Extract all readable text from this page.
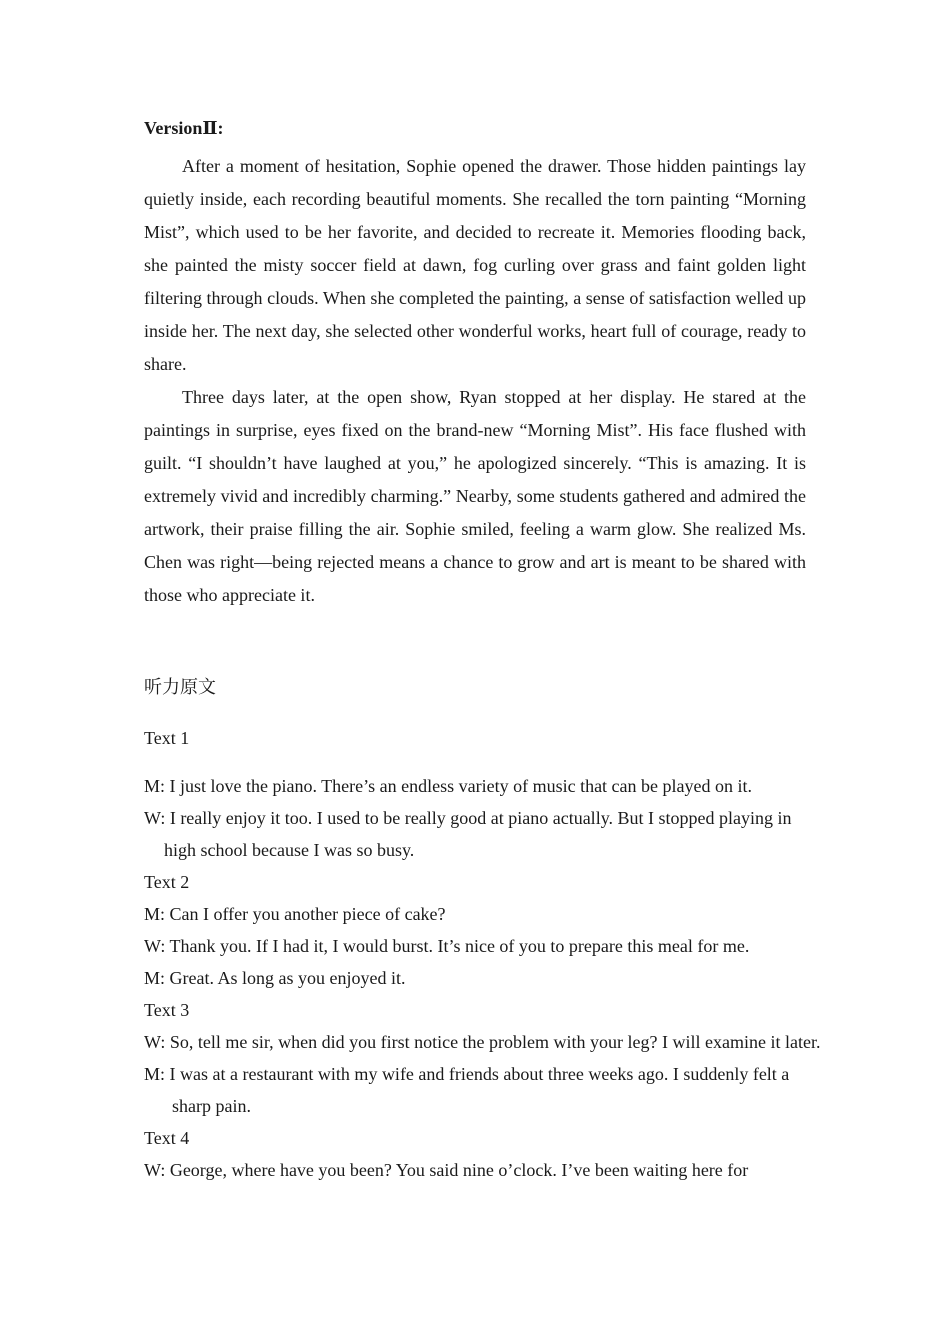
VersionⅡ:

After a moment of hesitation, Sophie opened the drawer. Those hidden paintings lay quietly inside, each recording beautiful moments. She recalled the torn painting “Morning Mist”, which used to be her favorite, and decided to recreate it. Memories flooding back, she painted the misty soccer field at dawn, fog curling over grass and faint golden light filtering through clouds. When she completed the painting, a sense of satisfaction welled up inside her. The next day, she selected other wonderful works, heart full of courage, ready to share.

Three days later, at the open show, Ryan stopped at her display. He stared at the paintings in surprise, eyes fixed on the brand-new “Morning Mist”. His face flushed with guilt. “I shouldn’t have laughed at you,” he apologized sincerely. “This is amazing. It is extremely vivid and incredibly charming.” Nearby, some students gathered and admired the artwork, their praise filling the air. Sophie smiled, feeling a warm glow. She realized Ms. Chen was right—being rejected means a chance to grow and art is meant to be shared with those who appreciate it.

听力原文

Text 1

M: I just love the piano. There’s an endless variety of music that can be played on it.

W: I really enjoy it too. I used to be really good at piano actually. But I stopped playing in high school because I was so busy.

Text 2

M: Can I offer you another piece of cake?

W: Thank you. If I had it, I would burst. It’s nice of you to prepare this meal for me.

M: Great. As long as you enjoyed it.

Text 3

W: So, tell me sir, when did you first notice the problem with your leg? I will examine it later.

M: I was at a restaurant with my wife and friends about three weeks ago. I suddenly felt a sharp pain.

Text 4

W: George, where have you been? You said nine o’clock. I’ve been waiting here for
